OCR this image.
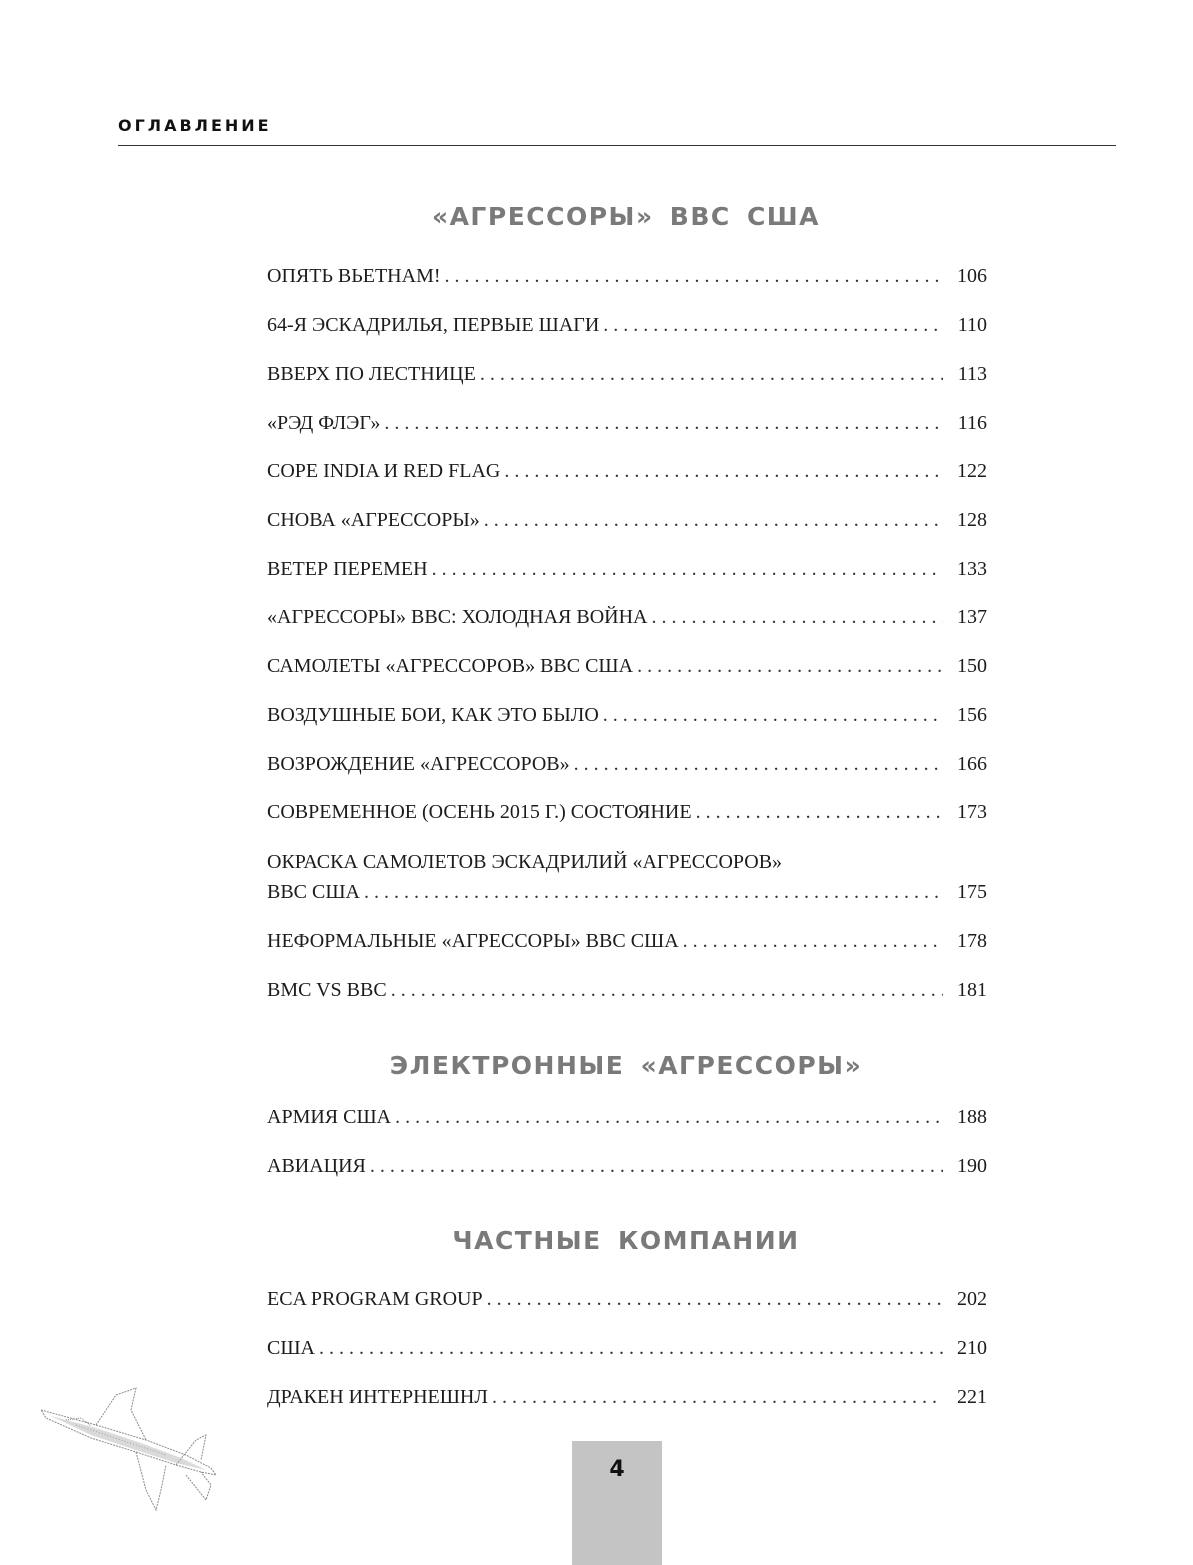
ОГЛАВЛЕНИЕ
«АГРЕССОРЫ» ВВС США
ОПЯТЬ ВЬЕТНАМ! . . .	106
64-Я ЭСКАДРИЛЬЯ, ПЕРВЫЕ ШАГИ . . .	110
ВВЕРХ ПО ЛЕСТНИЦЕ . . .	113
«РЭД ФЛЭГ» . . .	116
COPE INDIA И RED FLAG . . .	122
СНОВА «АГРЕССОРЫ» . . .	128
ВЕТЕР ПЕРЕМЕН . . .	133
«АГРЕССОРЫ» ВВС: ХОЛОДНАЯ ВОЙНА . . .	137
САМОЛЕТЫ «АГРЕССОРОВ» ВВС США . . .	150
ВОЗДУШНЫЕ БОИ, КАК ЭТО БЫЛО . . .	156
ВОЗРОЖДЕНИЕ «АГРЕССОРОВ» . . .	166
СОВРЕМЕННОЕ (ОСЕНЬ 2015 Г.) СОСТОЯНИЕ . . .	173
ОКРАСКА САМОЛЕТОВ ЭСКАДРИЛИЙ «АГРЕССОРОВ»
ВВС США . . .	175
НЕФОРМАЛЬНЫЕ «АГРЕССОРЫ» ВВС США . . .	178
BMC VS BBC . . .	181
ЭЛЕКТРОННЫЕ «АГРЕССОРЫ»
АРМИЯ США . . .	188
АВИАЦИЯ . . .	190
ЧАСТНЫЕ КОМПАНИИ
ECA PROGRAM GROUP . . .	202
США . . .	210
ДРАКЕН ИНТЕРНЕШНЛ . . .	221
4
